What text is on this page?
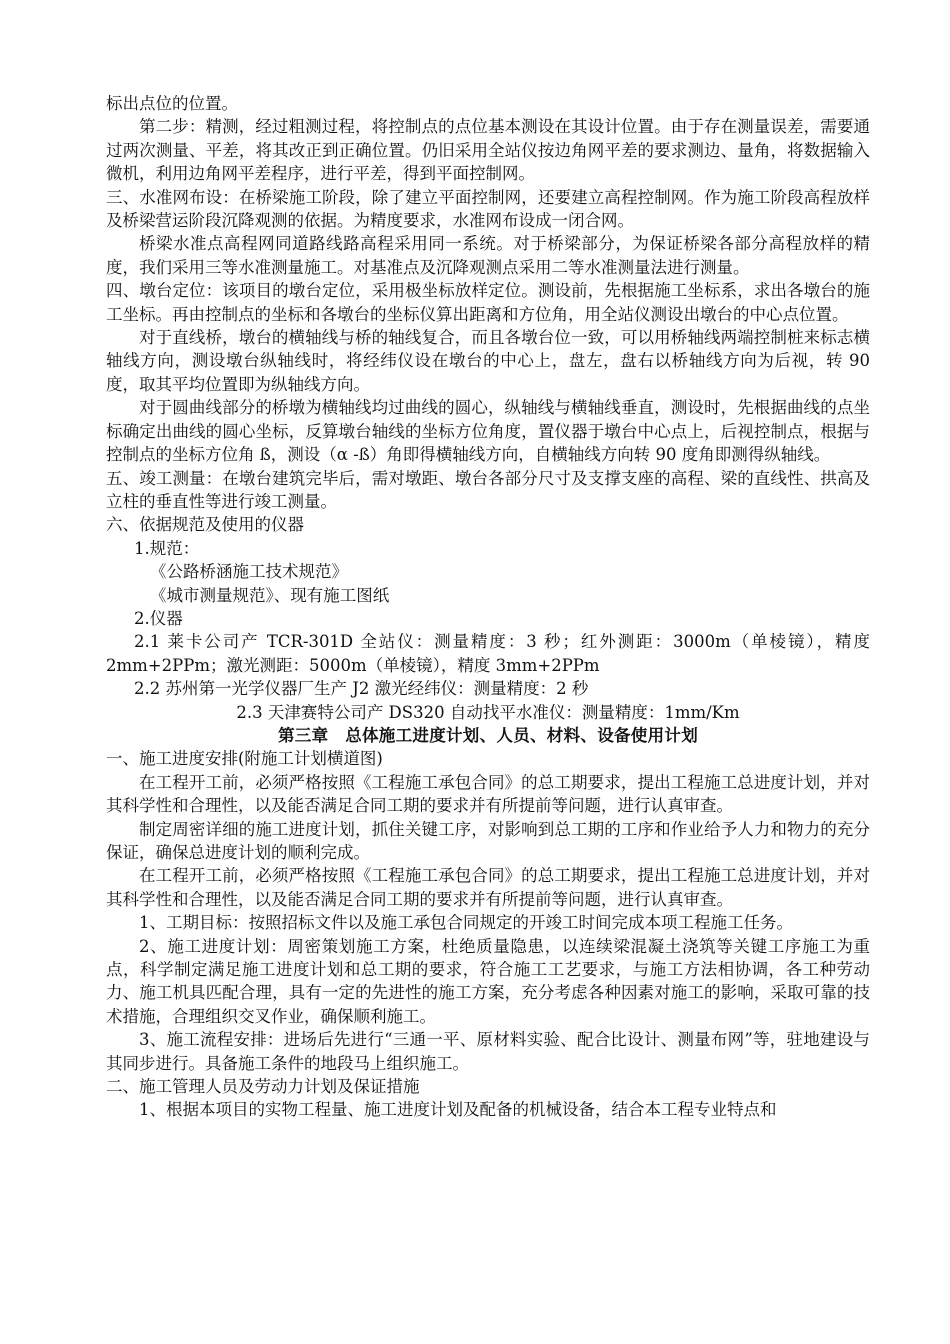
标出点位的位置。

第二步：精测，经过粗测过程，将控制点的点位基本测设在其设计位置。由于存在测量误差，需要通过两次测量、平差，将其改正到正确位置。仍旧采用全站仪按边角网平差的要求测边、量角，将数据输入微机，利用边角网平差程序，进行平差，得到平面控制网。

三、水准网布设：在桥梁施工阶段，除了建立平面控制网，还要建立高程控制网。作为施工阶段高程放样及桥梁营运阶段沉降观测的依据。为精度要求，水准网布设成一闭合网。

桥梁水准点高程网同道路线路高程采用同一系统。对于桥梁部分，为保证桥梁各部分高程放样的精度，我们采用三等水准测量施工。对基准点及沉降观测点采用二等水准测量法进行测量。

四、墩台定位：该项目的墩台定位，采用极坐标放样定位。测设前，先根据施工坐标系，求出各墩台的施工坐标。再由控制点的坐标和各墩台的坐标仪算出距离和方位角，用全站仪测设出墩台的中心点位置。

对于直线桥，墩台的横轴线与桥的轴线复合，而且各墩台位一致，可以用桥轴线两端控制桩来标志横轴线方向，测设墩台纵轴线时，将经纬仪设在墩台的中心上，盘左，盘右以桥轴线方向为后视，转 90 度，取其平均位置即为纵轴线方向。

对于圆曲线部分的桥墩为横轴线均过曲线的圆心，纵轴线与横轴线垂直，测设时，先根据曲线的点坐标确定出曲线的圆心坐标，反算墩台轴线的坐标方位角度，置仪器于墩台中心点上，后视控制点，根据与控制点的坐标方位角 ß，测设（α -ß）角即得横轴线方向，自横轴线方向转 90 度角即测得纵轴线。

五、竣工测量：在墩台建筑完毕后，需对墩距、墩台各部分尺寸及支撑支座的高程、梁的直线性、拱高及立柱的垂直性等进行竣工测量。

六、依据规范及使用的仪器

1.规范：

《公路桥涵施工技术规范》

《城市测量规范》、现有施工图纸

2.仪器

2.1 莱卡公司产 TCR-301D 全站仪：测量精度：3 秒；红外测距：3000m（单棱镜），精度 2mm+2PPm；激光测距：5000m（单棱镜），精度 3mm+2PPm

2.2 苏州第一光学仪器厂生产 J2 激光经纬仪：测量精度：2 秒

2.3 天津赛特公司产 DS320 自动找平水准仪：测量精度：1mm/Km

第三章　总体施工进度计划、人员、材料、设备使用计划

一、施工进度安排(附施工计划横道图)

在工程开工前，必须严格按照《工程施工承包合同》的总工期要求，提出工程施工总进度计划，并对其科学性和合理性，以及能否满足合同工期的要求并有所提前等问题，进行认真审查。

制定周密详细的施工进度计划，抓住关键工序，对影响到总工期的工序和作业给予人力和物力的充分保证，确保总进度计划的顺利完成。

在工程开工前，必须严格按照《工程施工承包合同》的总工期要求，提出工程施工总进度计划，并对其科学性和合理性，以及能否满足合同工期的要求并有所提前等问题，进行认真审查。

1、工期目标：按照招标文件以及施工承包合同规定的开竣工时间完成本项工程施工任务。

2、施工进度计划：周密策划施工方案，杜绝质量隐患，以连续梁混凝土浇筑等关键工序施工为重点，科学制定满足施工进度计划和总工期的要求，符合施工工艺要求，与施工方法相协调，各工种劳动力、施工机具匹配合理，具有一定的先进性的施工方案，充分考虑各种因素对施工的影响，采取可靠的技术措施，合理组织交叉作业，确保顺利施工。

3、施工流程安排：进场后先进行“三通一平、原材料实验、配合比设计、测量布网”等，驻地建设与其同步进行。具备施工条件的地段马上组织施工。

二、施工管理人员及劳动力计划及保证措施

1、根据本项目的实物工程量、施工进度计划及配备的机械设备，结合本工程专业特点和
